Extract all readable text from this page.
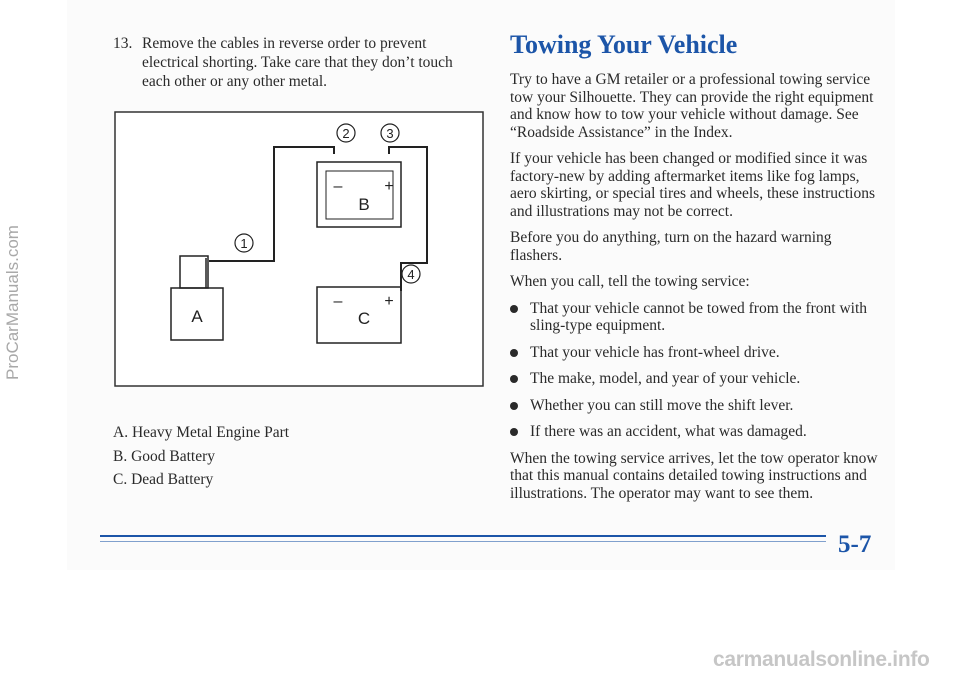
13. Remove the cables in reverse order to prevent electrical shorting. Take care that they don’t touch each other or any other metal.
A
–	+
B
–	+
C
1
2	3
4
A. Heavy Metal Engine Part
B. Good Battery
C. Dead Battery
Towing Your Vehicle

Try to have a GM retailer or a professional towing service tow your Silhouette. They can provide the right equipment and know how to tow your vehicle without damage. See “Roadside Assistance” in the Index.

If your vehicle has been changed or modified since it was factory-new by adding aftermarket items like fog lamps, aero skirting, or special tires and wheels, these instructions and illustrations may not be correct.

Before you do anything, turn on the hazard warning flashers.

When you call, tell the towing service:

That your vehicle cannot be towed from the front with sling-type equipment.
That your vehicle has front-wheel drive.
The make, model, and year of your vehicle.
Whether you can still move the shift lever.
If there was an accident, what was damaged.

When the towing service arrives, let the tow operator know that this manual contains detailed towing instructions and illustrations. The operator may want to see them.

5-7
ProCarManuals.com
carmanualsonline.info
